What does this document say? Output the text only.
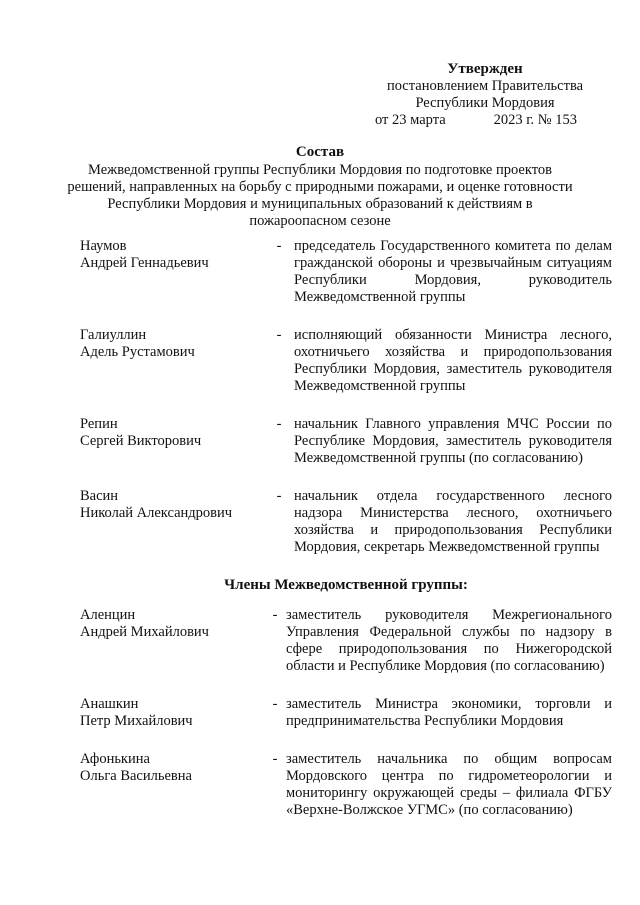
Утвержден
постановлением Правительства
Республики Мордовия
от 23 марта	2023 г. № 153
Состав
Межведомственной группы Республики Мордовия по подготовке проектов решений, направленных на борьбу с природными пожарами, и оценке готовности Республики Мордовия и муниципальных образований к действиям в пожароопасном сезоне
Наумов
Андрей Геннадьевич
- председатель Государственного комитета по делам гражданской обороны и чрезвычайным ситуациям Республики Мордовия, руководитель Межведомственной группы
Галиуллин
Адель Рустамович
- исполняющий обязанности Министра лесного, охотничьего хозяйства и природопользования Республики Мордовия, заместитель руководителя Межведомственной группы
Репин
Сергей Викторович
- начальник Главного управления МЧС России по Республике Мордовия, заместитель руководителя Межведомственной группы (по согласованию)
Васин
Николай Александрович
- начальник отдела государственного лесного надзора Министерства лесного, охотничьего хозяйства и природопользования Республики Мордовия, секретарь Межведомственной группы
Члены Межведомственной группы:
Аленцин
Андрей Михайлович
- заместитель руководителя Межрегионального Управления Федеральной службы по надзору в сфере природопользования по Нижегородской области и Республике Мордовия (по согласованию)
Анашкин
Петр Михайлович
- заместитель Министра экономики, торговли и предпринимательства Республики Мордовия
Афонькина
Ольга Васильевна
- заместитель начальника по общим вопросам Мордовского центра по гидрометеорологии и мониторингу окружающей среды – филиала ФГБУ «Верхне-Волжское УГМС» (по согласованию)
